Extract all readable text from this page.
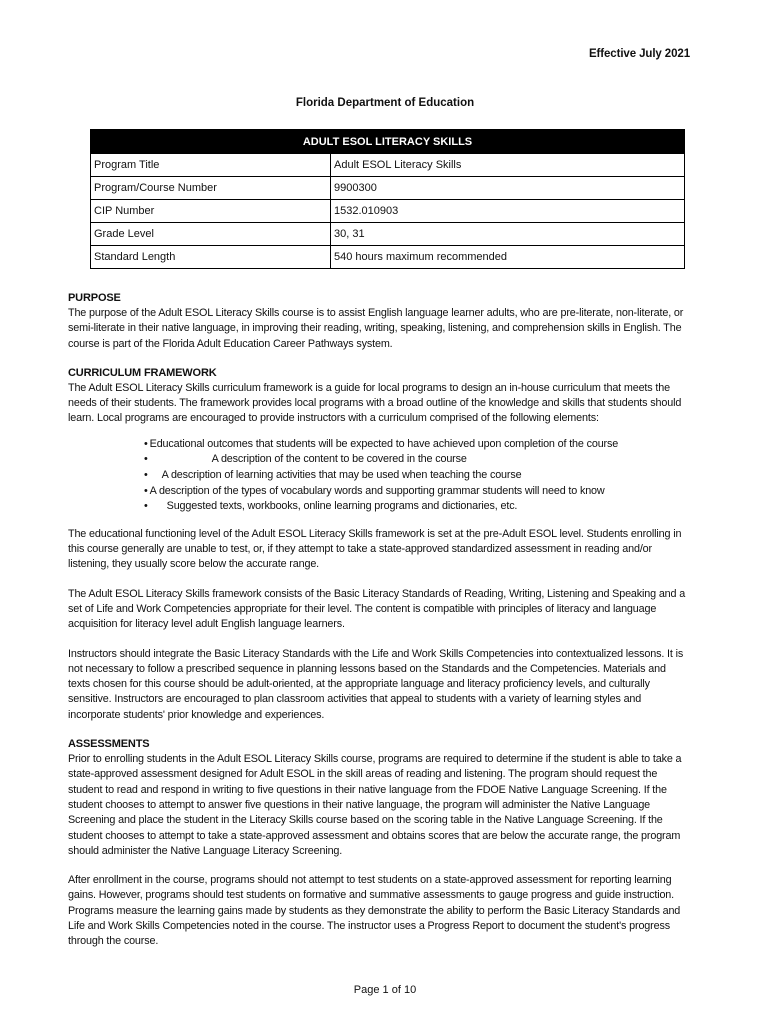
Effective July 2021
Florida Department of Education
ADULT ESOL LITERACY SKILLS	
Program Title	Adult ESOL Literacy Skills
Program/Course Number	9900300
CIP Number	1532.010903
Grade Level	30, 31
Standard Length	540 hours maximum recommended
PURPOSE

The purpose of the Adult ESOL Literacy Skills course is to assist English language learner adults, who are pre-literate, non-literate, or semi-literate in their native language, in improving their reading, writing, speaking, listening, and comprehension skills in English. The course is part of the Florida Adult Education Career Pathways system.

CURRICULUM FRAMEWORK

The Adult ESOL Literacy Skills curriculum framework is a guide for local programs to design an in-house curriculum that meets the needs of their students. The framework provides local programs with a broad outline of the knowledge and skills that students should learn. Local programs are encouraged to provide instructors with a curriculum comprised of the following elements:

• Educational outcomes that students will be expected to have achieved upon completion of the course
•	A description of the content to be covered in the course
• A description of learning activities that may be used when teaching the course
• A description of the types of vocabulary words and supporting grammar students will need to know
• Suggested texts, workbooks, online learning programs and dictionaries, etc.

The educational functioning level of the Adult ESOL Literacy Skills framework is set at the pre-Adult ESOL level. Students enrolling in this course generally are unable to test, or, if they attempt to take a state-approved standardized assessment in reading and/or listening, they usually score below the accurate range.

The Adult ESOL Literacy Skills framework consists of the Basic Literacy Standards of Reading, Writing, Listening and Speaking and a set of Life and Work Competencies appropriate for their level. The content is compatible with principles of literacy and language acquisition for literacy level adult English language learners.

Instructors should integrate the Basic Literacy Standards with the Life and Work Skills Competencies into contextualized lessons. It is not necessary to follow a prescribed sequence in planning lessons based on the Standards and the Competencies. Materials and texts chosen for this course should be adult-oriented, at the appropriate language and literacy proficiency levels, and culturally sensitive. Instructors are encouraged to plan classroom activities that appeal to students with a variety of learning styles and incorporate students' prior knowledge and experiences.

ASSESSMENTS

Prior to enrolling students in the Adult ESOL Literacy Skills course, programs are required to determine if the student is able to take a state-approved assessment designed for Adult ESOL in the skill areas of reading and listening. The program should request the student to read and respond in writing to five questions in their native language from the FDOE Native Language Screening. If the student chooses to attempt to answer five questions in their native language, the program will administer the Native Language Screening and place the student in the Literacy Skills course based on the scoring table in the Native Language Screening. If the student chooses to attempt to take a state-approved assessment and obtains scores that are below the accurate range, the program should administer the Native Language Literacy Screening.

After enrollment in the course, programs should not attempt to test students on a state-approved assessment for reporting learning gains. However, programs should test students on formative and summative assessments to gauge progress and guide instruction. Programs measure the learning gains made by students as they demonstrate the ability to perform the Basic Literacy Standards and Life and Work Skills Competencies noted in the course. The instructor uses a Progress Report to document the student's progress through the course.

Page 1 of 10
